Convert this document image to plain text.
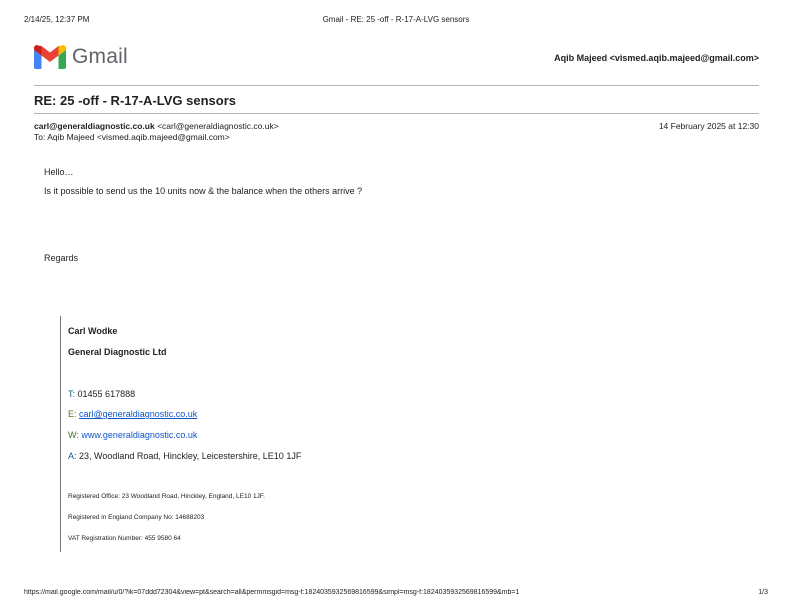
2/14/25, 12:37 PM	Gmail - RE: 25 -off - R-17-A-LVG sensors
Gmail	Aqib Majeed <vismed.aqib.majeed@gmail.com>
RE: 25 -off - R-17-A-LVG sensors
carl@generaldiagnostic.co.uk <carl@generaldiagnostic.co.uk>
To: Aqib Majeed <vismed.aqib.majeed@gmail.com>
14 February 2025 at 12:30
Hello…
Is it possible to send us the 10 units now & the balance when the others arrive ?
Regards
Carl Wodke
General Diagnostic Ltd
T: 01455 617888
E: carl@generaldiagnostic.co.uk
W: www.generaldiagnostic.co.uk
A: 23, Woodland Road, Hinckley, Leicestershire, LE10 1JF
Registered Office: 23 Woodland Road, Hinckley, England, LE10 1JF.
Registered in England Company No: 14688203
VAT Registration Number: 455 9580 64
https://mail.google.com/mail/u/0/?ik=07ddd72304&view=pt&search=all&permmsgid=msg-f:1824035932569816599&simpl=msg-f:1824035932569816599&mb=1	1/3
